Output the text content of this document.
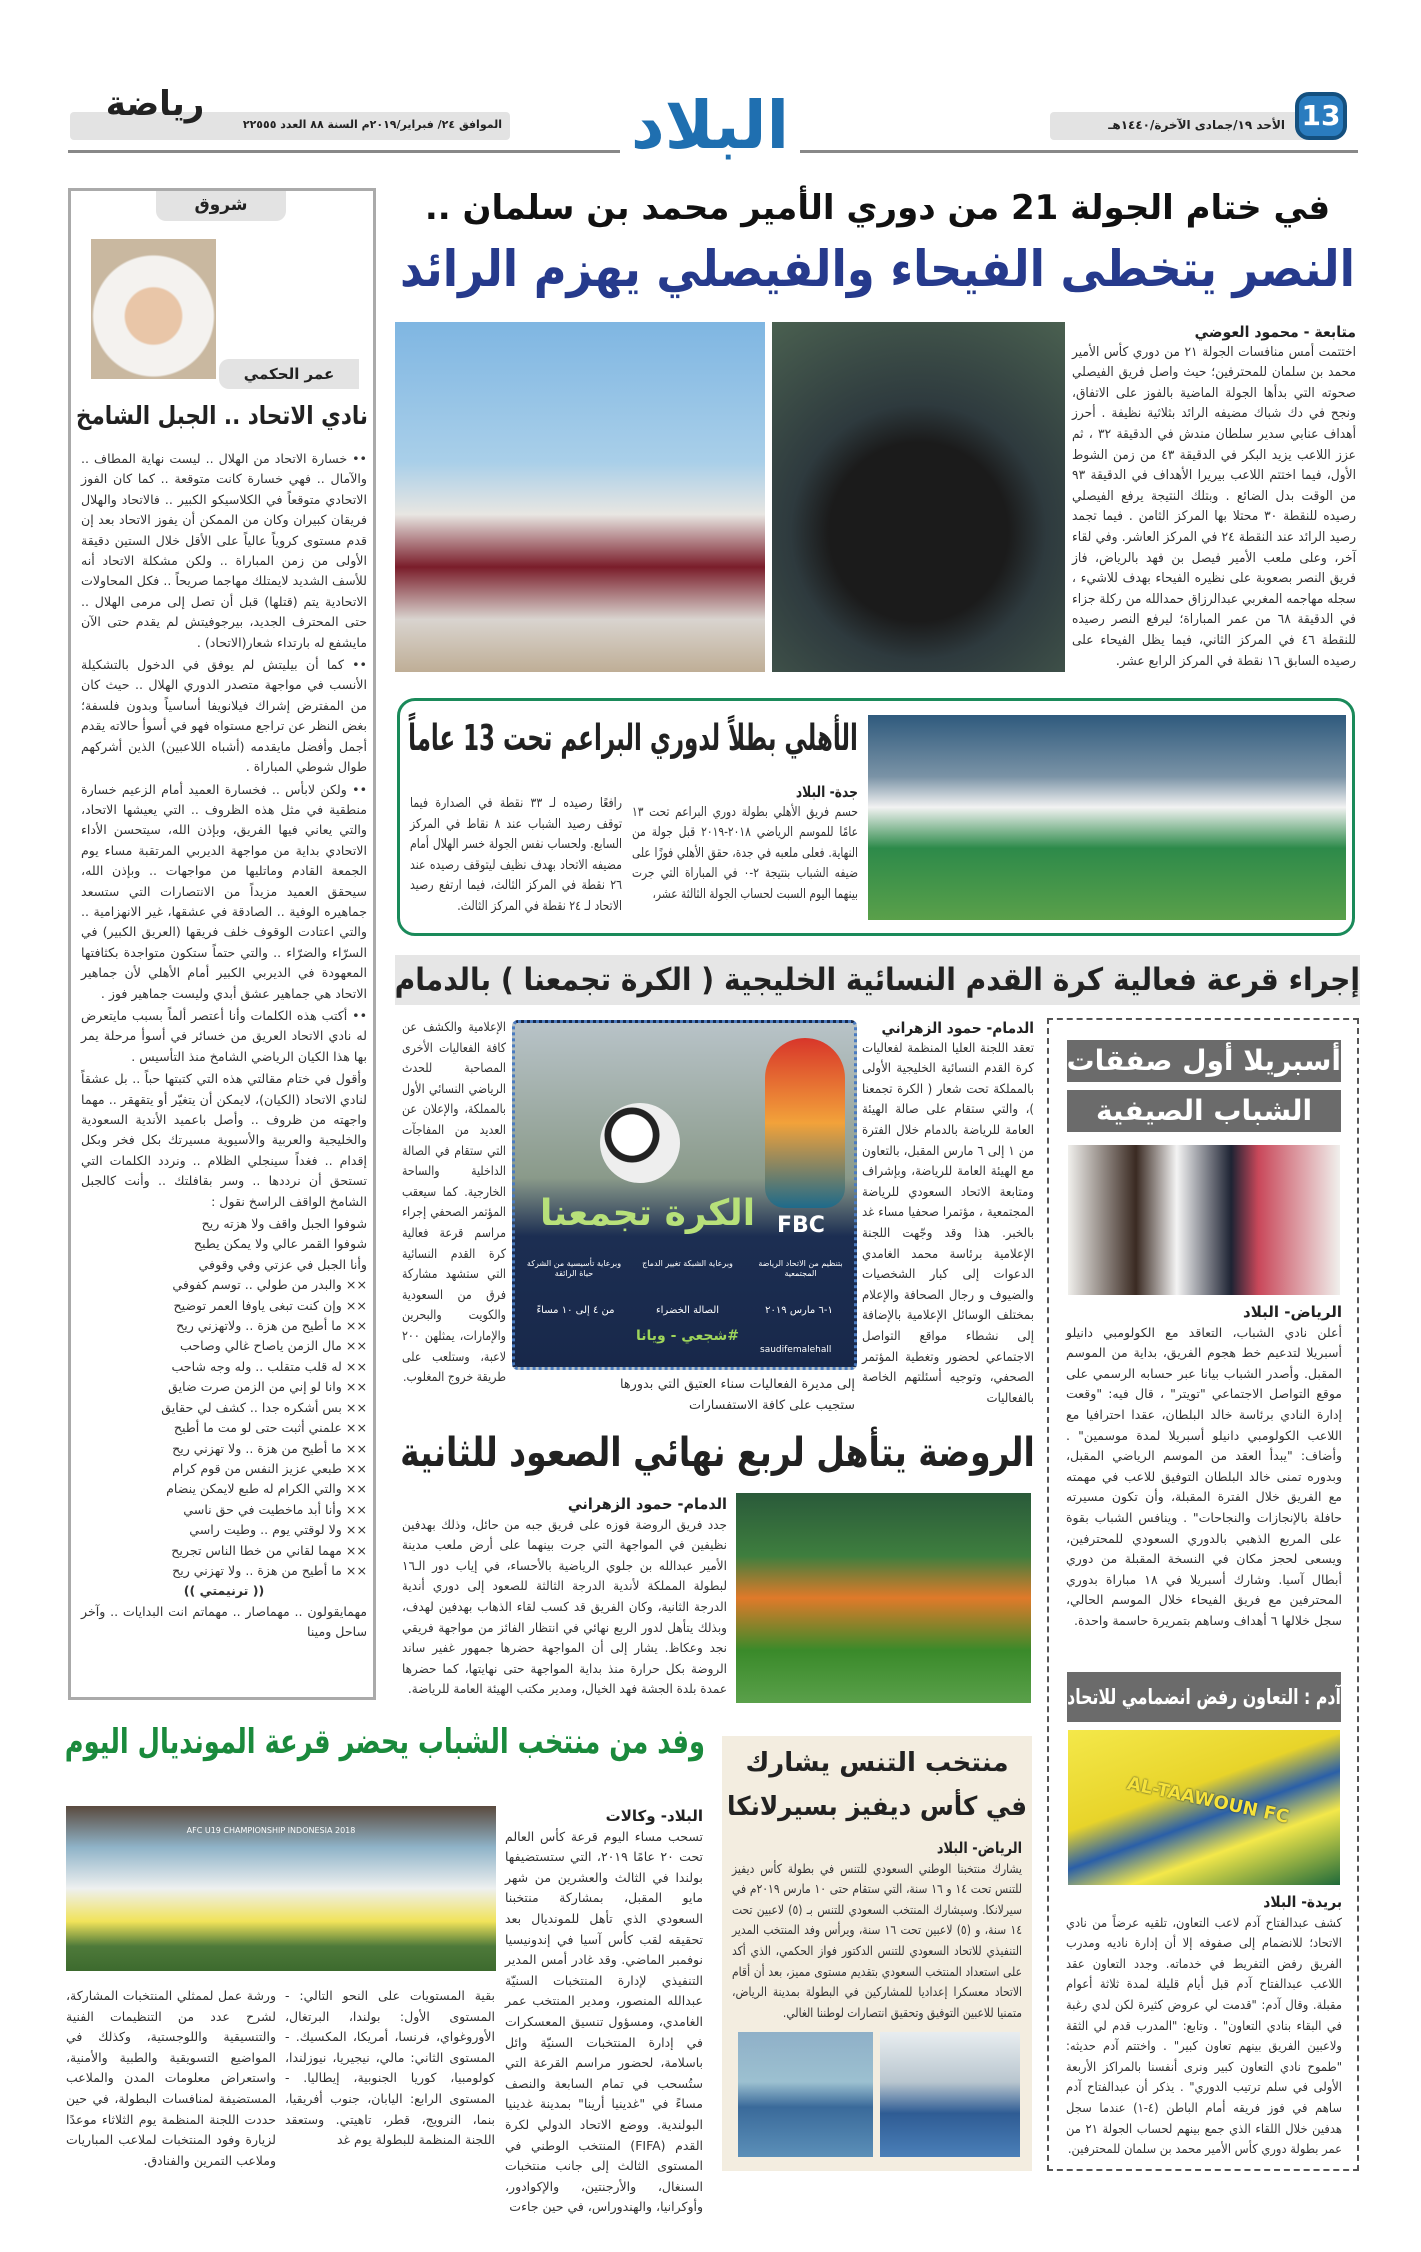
الأحد ١٩/جمادى الآخرة/١٤٤٠هـ 13
الموافق ٢٤/ فبراير/٢٠١٩م السنة ٨٨ العدد ٢٢٥٥٥
رياضة	البلاد
شروق
عمر الحكمي
نادي الاتحاد .. الجبل الشامخ

•• خسارة الاتحاد من الهلال .. ليست نهاية المطاف .. والآمال .. فهي خسارة كانت متوقعة .. كما كان الفوز الاتحادي متوقعاً في الكلاسيكو الكبير .. فالاتحاد والهلال فريقان كبيران وكان من الممكن أن يفوز الاتحاد بعد إن قدم مستوى كروياً عالياً على الأقل خلال الستين دقيقة الأولى من زمن المباراة .. ولكن مشكلة الاتحاد أنه للأسف الشديد لايمتلك مهاجما صريحاً .. فكل المحاولات الاتحادية يتم (قتلها) قبل أن تصل إلى مرمى الهلال .. حتى المحترف الجديد، بيرجوفيتش لم يقدم حتى الآن مايشفع له بارتداء شعار(الاتحاد) .

•• كما أن بيليتش لم يوفق في الدخول بالتشكيلة الأنسب في مواجهة متصدر الدوري الهلال .. حيث كان من المفترض إشراك فيلانويفا أساسياً وبدون فلسفة؛ بغض النظر عن تراجع مستواه فهو في أسوأ حالاته يقدم أجمل وأفضل مايقدمه (أشباه اللاعبين) الذين أشركهم طوال شوطي المباراة .

•• ولكن لابأس .. فخسارة العميد أمام الزعيم خسارة منطقية في مثل هذه الظروف .. التي يعيشها الاتحاد، والتي يعاني فيها الفريق، وبإذن الله، سيتحسن الأداء الاتحادي بداية من مواجهة الديربي المرتقبة مساء يوم الجمعة القادم وماتليها من مواجهات .. وبإذن الله، سيحقق العميد مزيداً من الانتصارات التي ستسعد جماهيره الوفية .. الصادقة في عشقها، غير الانهزامية .. والتي اعتادت الوقوف خلف فريقها (العريق الكبير) في السرّاء والضرّاء .. والتي حتماً ستكون متواجدة بكثافتها المعهودة في الديربي الكبير أمام الأهلي لأن جماهير الاتحاد هي جماهير عشق أبدي وليست جماهير فوز .

•• أكتب هذه الكلمات وأنا أعتصر ألماً بسبب مايتعرض له نادي الاتحاد العريق من خسائر في أسوأ مرحلة يمر بها هذا الكيان الرياضي الشامخ منذ التأسيس .

وأقول في ختام مقالتي هذه التي كتبتها حباً .. بل عشقاً لنادي الاتحاد (الكيان)، لايمكن أن يتغيّر أو يتقهقر .. مهما واجهته من ظروف .. وأصل باعميد الأندية السعودية والخليجية والعربية والأسيوية مسيرتك بكل فخر وبكل إقدام .. فغداً سينجلي الظلام .. ونردد الكلمات التي تستحق أن نرددها .. وسر بقافلتك .. وأنت كالجبل الشامخ الواقف الراسخ نقول :

شوفوا الجبل واقف ولا هزته ريح
شوفوا القمر عالي ولا يمكن يطيح
وأنا الجبل في عزتي وفي وقوفي
×× والبدر من طولي .. توسم كفوفي
×× وإن كنت تبغى ياوفا العمر توضيح
×× ما أطيح من هزة .. ولاتهزني ريح
×× مال الزمن ياصاح غالي وصاحب
×× له قلب متقلب .. وله وجه شاحب
×× وانا لو إني من الزمن صرت ضايق
×× بس أشكره جدا .. كشف لي حقايق
×× علمني أثبت حتى لو مت ما أطيح
×× ما أطيح من هزة .. ولا تهزني ريح
×× طبعي عزيز النفس من قوم كرام
×× والتي الكرام له طبع لايمكن ينضام
×× وأنا أبد ماخطيت في حق ناسي
×× ولا لوقتي يوم .. وطيت راسي
×× مهما لقاني من خطا الناس تجريح
×× ما أطيح من هزة .. ولا تهزني ريح
(( ترنيمتي ))

مهمايقولون .. مهماصار .. مهماتم انت البدايات .. وآخر ساحل ومينا

في ختام الجولة 21 من دوري الأمير محمد بن سلمان ..
النصر يتخطى الفيحاء والفيصلي يهزم الرائد
متابعة - محمود العوضي
اختتمت أمس منافسات الجولة ٢١ من دوري كأس الأمير محمد بن سلمان للمحترفين؛ حيث واصل فريق الفيصلي صحوته التي بدأها الجولة الماضية بالفوز على الاتفاق، ونجح في دك شباك مضيفه الرائد بثلاثية نظيفة . أحرز أهداف عنابي سدير سلطان مندش في الدقيقة ٣٢ ، ثم عزز اللاعب يزيد البكر في الدقيقة ٤٣ من زمن الشوط الأول، فيما اختتم اللاعب بيريرا الأهداف في الدقيقة ٩٣ من الوقت بدل الضائع . وبتلك النتيجة يرفع الفيصلي رصيده للنقطة ٣٠ محتلا بها المركز الثامن . فيما تجمد رصيد الرائد عند النقطة ٢٤ في المركز العاشر. وفي لقاء آخر، وعلى ملعب الأمير فيصل بن فهد بالرياض، فاز فريق النصر بصعوبة على نظيره الفيحاء بهدف للاشيء ، سجله مهاجمه المغربي عبدالرزاق حمدالله من ركلة جزاء في الدقيقة ٦٨ من عمر المباراة؛ ليرفع النصر رصيده للنقطة ٤٦ في المركز الثاني، فيما يظل الفيحاء على رصيده السابق ١٦ نقطة في المركز الرابع عشر.
الأهلي بطلاً لدوري البراعم تحت 13 عاماً
جدة- البلاد
حسم فريق الأهلي بطولة دوري البراعم تحت ١٣ عامًا للموسم الرياضي ٢٠١٨-٢٠١٩ قبل جولة من النهاية. فعلى ملعبه في جدة، حقق الأهلي فوزًا على ضيفه الشباب بنتيجة ٢-٠ في المباراة التي جرت بينهما اليوم السبت لحساب الجولة الثالثة عشر،
رافعًا رصيده لـ ٣٣ نقطة في الصدارة فيما توقف رصيد الشباب عند ٨ نقاط في المركز السابع. ولحساب نفس الجولة خسر الهلال أمام مضيفه الاتحاد بهدف نظيف ليتوقف رصيده عند ٢٦ نقطة في المركز الثالث، فيما ارتفع رصيد الاتحاد لـ ٢٤ نقطة في المركز الثالث.
إجراء قرعة فعالية كرة القدم النسائية الخليجية ( الكرة تجمعنا ) بالدمام
الدمام- حمود الزهراني
تعقد اللجنة العليا المنظمة لفعاليات كرة القدم النسائية الخليجية الأولى بالمملكة تحت شعار ( الكرة تجمعنا )، والتي ستقام على صالة الهيئة العامة للرياضة بالدمام خلال الفترة من ١ إلى ٦ مارس المقبل، بالتعاون مع الهيئة العامة للرياضة، وبإشراف ومتابعة الاتحاد السعودي للرياضة المجتمعية ، مؤتمرا صحفيا مساء غد بالخبر. هذا وقد وجّهت اللجنة الإعلامية برئاسة محمد الغامدي الدعوات إلى كبار الشخصيات والضيوف و رجال الصحافة والإعلام بمختلف الوسائل الإعلامية بالإضافة إلى نشطاء مواقع التواصل الاجتماعي لحضور وتغطية المؤتمر الصحفي، وتوجيه أسئلتهم الخاصة بالفعاليات
FBC
الكرة تجمعنا
بتنظيم من الاتحاد الرياضة المجتمعية
وبرعاية الشبكة تغيير الدماج
وبرعاية تأسيسية من الشركة حياة الرائقة
١-٦ مارس ٢٠١٩
الصالة الخضراء
من ٤ إلى ١٠ مساءً
#شجعي - ويانا
saudifemalehall
الإعلامية والكشف عن كافة الفعاليات الأخرى المصاحبة للحدث الرياضي النسائي الأول بالمملكة، والإعلان عن العديد من المفاجآت التي ستقام في الصالة الداخلية والساحة الخارجية. كما سيعقب المؤتمر الصحفي إجراء مراسم قرعة فعالية كرة القدم النسائية التي ستشهد مشاركة فرق من السعودية والكويت والبحرين والإمارات، يمثلهن ٢٠٠ لاعبة، وستلعب على طريقة خروج المغلوب.	إلى مديرة الفعاليات سناء العتيق التي بدورها ستجيب على كافة الاستفسارات
الروضة يتأهل لربع نهائي الصعود للثانية
الدمام- حمود الزهراني
جدد فريق الروضة فوزه على فريق جبه من حائل، وذلك بهدفين نظيفين في المواجهة التي جرت بينهما على أرض ملعب مدينة الأمير عبدالله بن جلوي الرياضية بالأحساء، في إياب دور الـ١٦ لبطولة المملكة لأندية الدرجة الثالثة للصعود إلى دوري أندية الدرجة الثانية، وكان الفريق قد كسب لقاء الذهاب بهدفين لهدف، وبذلك يتأهل لدور الربع نهائي في انتظار الفائز من مواجهة فريقي نجد وعكاظ. يشار إلى أن المواجهة حضرها جمهور غفير ساند الروضة بكل حرارة منذ بداية المواجهة حتى نهايتها، كما حضرها عمدة بلدة الجشة فهد الخيال، ومدير مكتب الهيئة العامة للرياضة.
أسبريلا أول صفقات
الشباب الصيفية
الرياض- البلاد
أعلن نادي الشباب، التعاقد مع الكولومبي دانيلو أسبريلا لتدعيم خط هجوم الفريق، بداية من الموسم المقبل. وأصدر الشباب بيانا عبر حسابه الرسمي على موقع التواصل الاجتماعي "تويتر" ، قال فيه: "وقعت إدارة النادي برئاسة خالد البلطان، عقدا احترافيا مع اللاعب الكولومبي دانيلو أسبريلا لمدة موسمين" . وأضاف: "يبدأ العقد من الموسم الرياضي المقبل، وبدوره تمنى خالد البلطان التوفيق للاعب في مهمته مع الفريق خلال الفترة المقبلة، وأن تكون مسيرته حافلة بالإنجازات والنجاحات" . وينافس الشباب بقوة على المربع الذهبي بالدوري السعودي للمحترفين، ويسعى لحجز مكان في النسخة المقبلة من دوري أبطال آسيا. وشارك أسبريلا في ١٨ مباراة بدوري المحترفين مع فريق الفيحاء خلال الموسم الحالي، سجل خلالها ٦ أهداف وساهم بتمريرة حاسمة واحدة.
آدم : التعاون رفض انضمامي للاتحاد
AL-TAAWOUN FC
بريدة- البلاد
كشف عبدالفتاح آدم لاعب التعاون، تلقيه عرضاً من نادي الاتحاد؛ للانضمام إلى صفوفه إلا أن إدارة ناديه ومدرب الفريق رفض التفريط في خدماته. وجدد التعاون عقد اللاعب عبدالفتاح آدم قبل أيام قليلة لمدة ثلاثة أعوام مقبلة. وقال آدم: "قدمت لي عروض كثيرة لكن لدي رغبة في البقاء بنادي التعاون" . وتابع: "المدرب قدم لي الثقة ولاعبين الفريق بينهم تعاون كبير" . واختتم آدم حديثه: "طموح نادي التعاون كبير ونرى أنفسنا بالمراكز الأربعة الأولى في سلم ترتيب الدوري" . يذكر أن عبدالفتاح آدم ساهم في فوز فريقه أمام الباطن (٤-١) عندما سجل هدفين خلال اللقاء الذي جمع بينهم لحساب الجولة ٢١ من عمر بطولة دوري كأس الأمير محمد بن سلمان للمحترفين.
وفد من منتخب الشباب يحضر قرعة المونديال اليوم
AFC U19 CHAMPIONSHIP INDONESIA 2018
البلاد- وكالات
تسحب مساء اليوم قرعة كأس العالم تحت ٢٠ عامًا ٢٠١٩، التي ستستضيفها بولندا في الثالث والعشرين من شهر مايو المقبل، بمشاركة منتخبنا السعودي الذي تأهل للمونديال بعد تحقيقه لقب كأس آسيا في إندونيسيا نوفمبر الماضي. وقد غادر أمس المدير التنفيذي لإدارة المنتخبات السنيّة عبدالله المنصور، ومدير المنتخب عمر الغامدي، ومسؤول تنسيق المعسكرات في إدارة المنتخبات السنيّة وائل باسلامة، لحضور مراسم القرعة التي ستُسحب في تمام السابعة والنصف مساءً في "غدينيا أرينا" بمدينة غدينيا البولندية. ووضع الاتحاد الدولي لكرة القدم (FIFA) المنتخب الوطني في المستوى الثالث إلى جانب منتخبات السنغال، والأرجنتين، والإكوادور، وأوكرانيا، والهندوراس، في حين جاءت
بقية المستويات على النحو التالي: - المستوى الأول: بولندا، البرتغال، الأوروغواي، فرنسا، أمريكا، المكسيك. - المستوى الثاني: مالي، نيجيريا، نيوزلندا، كولومبيا، كوريا الجنوبية، إيطاليا. - المستوى الرابع: اليابان، جنوب أفريقيا، بنما، النرويج، قطر، تاهيتي. وستعقد اللجنة المنظمة للبطولة يوم غد
ورشة عمل لممثلي المنتخبات المشاركة، لشرح عدد من التنظيمات الفنية والتنسيقية واللوجستية، وكذلك في المواضيع التسويقية والطبية والأمنية، واستعراض معلومات المدن والملاعب المستضيفة لمنافسات البطولة، في حين حددت اللجنة المنظمة يوم الثلاثاء موعدًا لزيارة وفود المنتخبات لملاعب المباريات وملاعب التمرين والفنادق.
منتخب التنس يشارك
في كأس ديفيز بسيرلانكا
الرياض- البلاد
يشارك منتخبنا الوطني السعودي للتنس في بطولة كأس ديفيز للتنس تحت ١٤ و ١٦ سنة، التي ستقام حتى ١٠ مارس ٢٠١٩م في سيرلانكا. وسيشارك المنتخب السعودي للتنس بـ (٥) لاعبين تحت ١٤ سنة، و (٥) لاعبين تحت ١٦ سنة، ويرأس وفد المنتخب المدير التنفيذي للاتحاد السعودي للتنس الدكتور فواز الحكمي، الذي أكد على استعداد المنتخب السعودي بتقديم مستوى مميز، بعد أن أقام الاتحاد معسكرا إعداديا للمشاركين في البطولة بمدينة الرياض، متمنيا للاعبين التوفيق وتحقيق انتصارات لوطننا الغالي.
